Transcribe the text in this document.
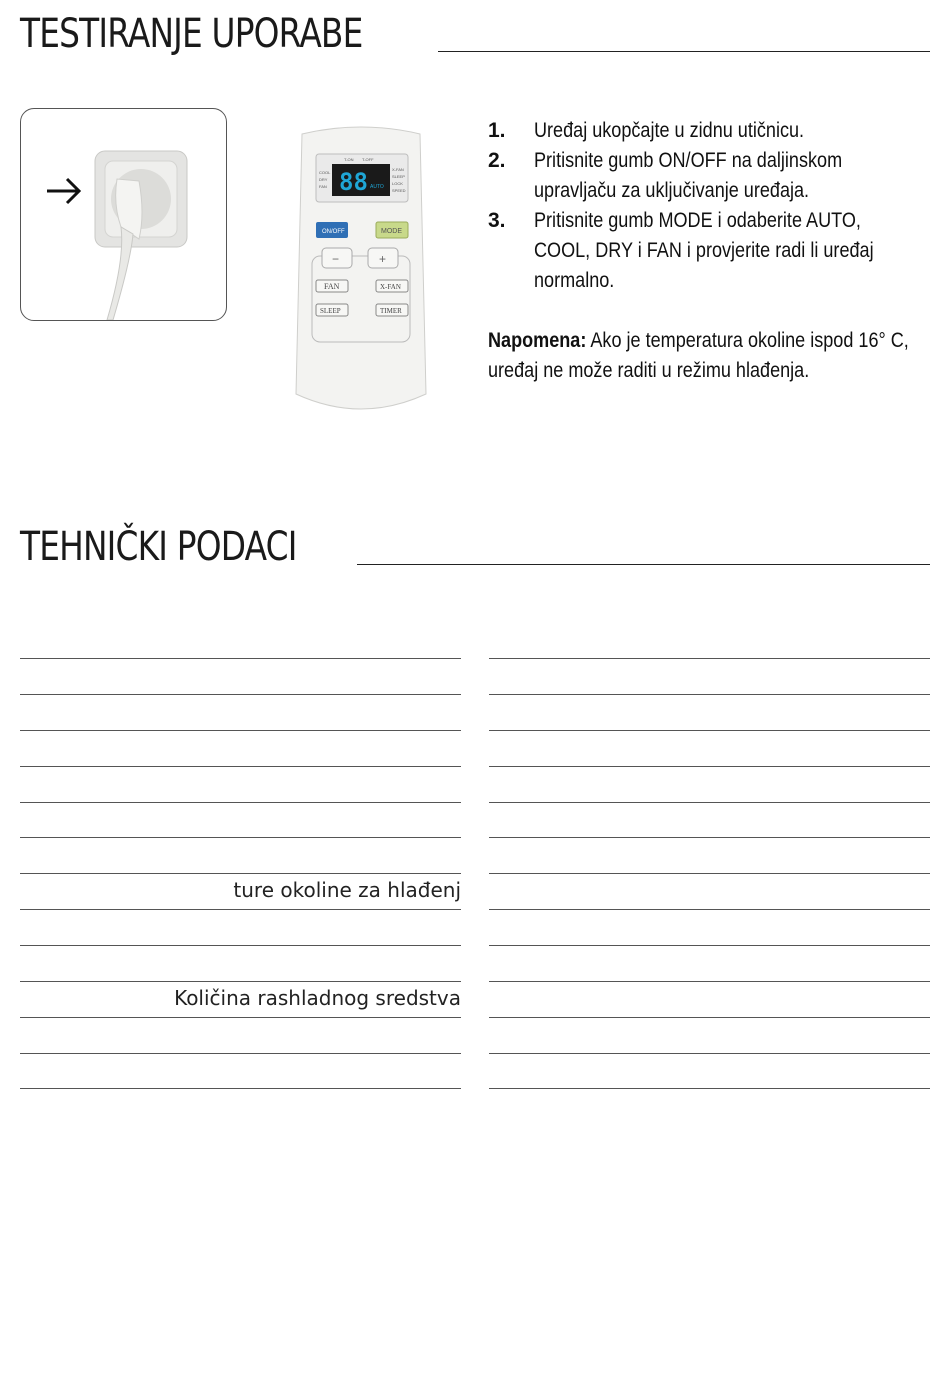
TESTIRANJE UPORABE
88 AUTO
T-ON T-OFF
COOL
DRY
FAN
X-FAN
SLEEP
LOCK
SPEED
ON/OFF	MODE
−	+
FAN	X-FAN
SLEEP	TIMER
1.	Uređaj ukopčajte u zidnu utičnicu.
2.	Pritisnite gumb ON/OFF na daljinskom upravljaču za uključivanje uređaja.
3.	Pritisnite gumb MODE i odaberite AUTO, COOL, DRY i FAN i provjerite radi li uređaj normalno.
Napomena: Ako je temperatura okoline ispod 16° C, uređaj ne može raditi u režimu hlađenja.
TEHNIČKI PODACI
ture okoline za hlađenj
Količina rashladnog sredstva
